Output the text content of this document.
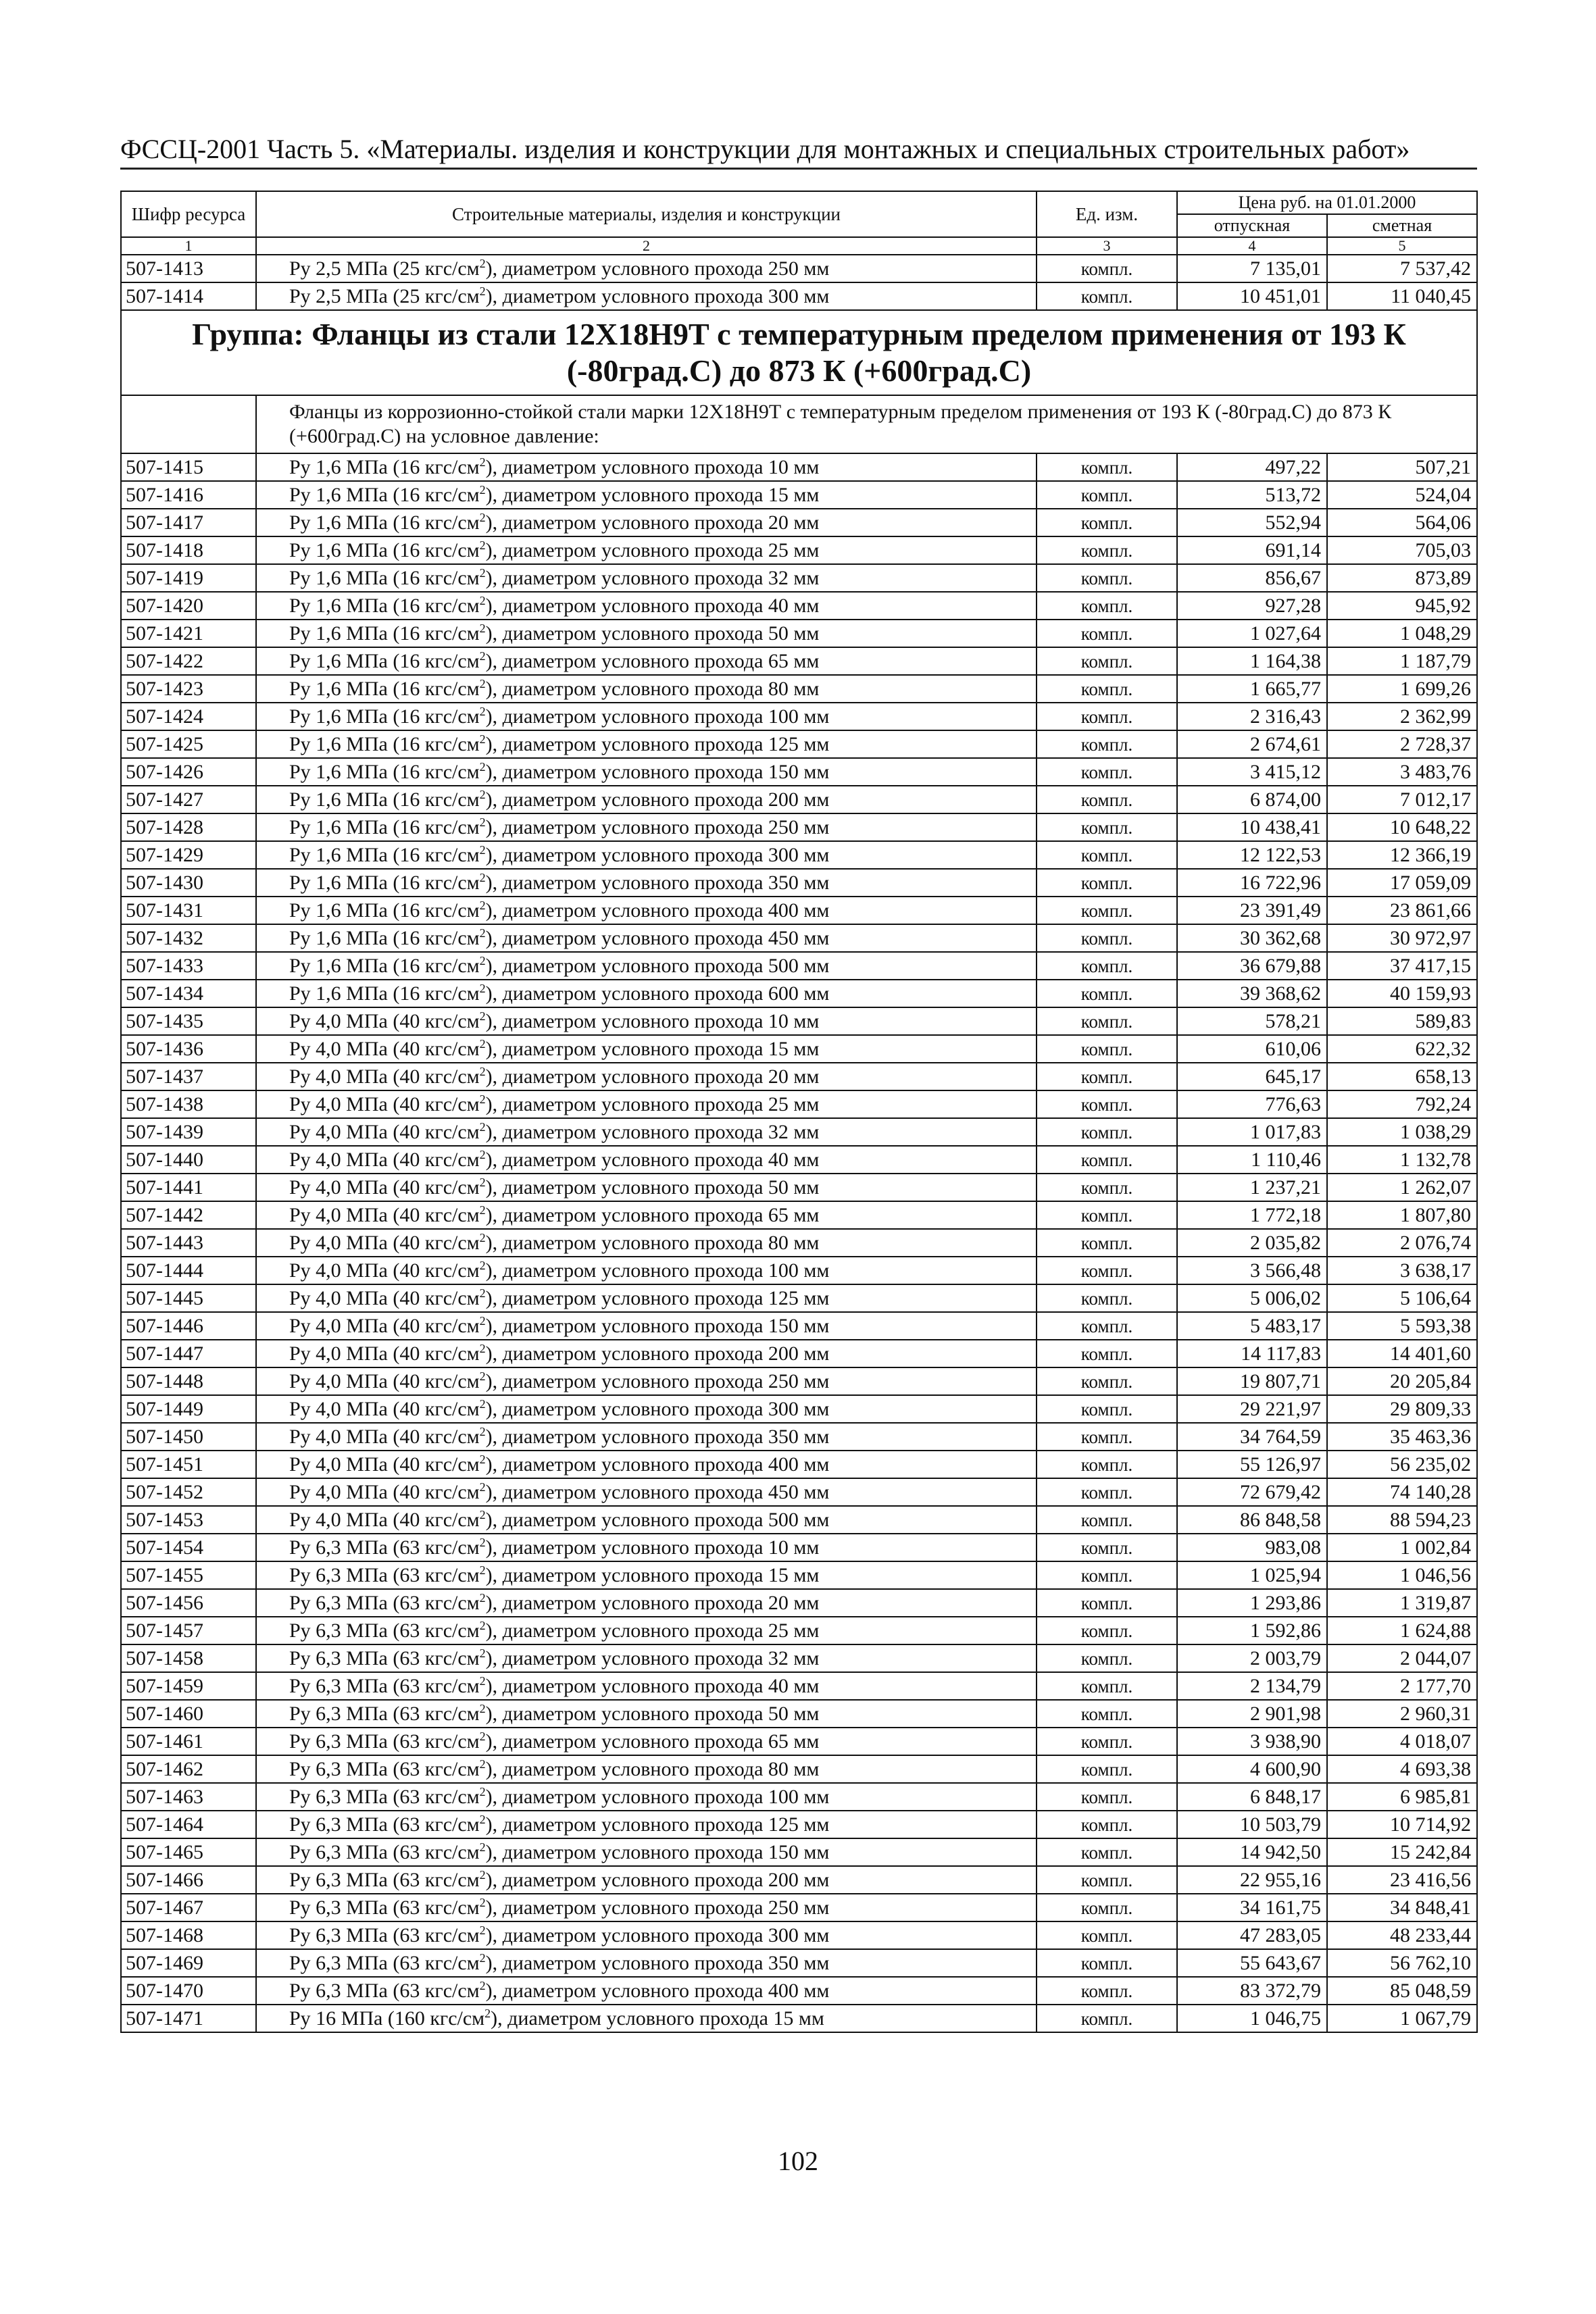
ФССЦ-2001 Часть 5. «Материалы. изделия и конструкции для монтажных и специальных строительных работ»
Шифр ресурса	Строительные материалы, изделия и конструкции	Ед. изм.	Цена руб. на 01.01.2000	
			отпускная	сметная
1	2	3	4	5
507-1413	Ру 2,5 МПа (25 кгс/$см^2$), диаметром условного прохода 250 мм	компл.	7 135,01	7 537,42
507-1414	Ру 2,5 МПа (25 кгс/$см^2$), диаметром условного прохода 300 мм	компл.	10 451,01	11 040,45
Группа: Фланцы из стали 12Х18Н9Т с температурным пределом применения от 193 К (-80град.С) до 873 К (+600град.С)				
	Фланцы из коррозионно-стойкой стали марки 12Х18Н9Т с температурным пределом применения от 193 К (-80град.С) до 873 К (+600град.С) на условное давление:			
507-1415	Ру 1,6 МПа (16 кгс/$см^2$), диаметром условного прохода 10 мм	компл.	497,22	507,21
507-1416	Ру 1,6 МПа (16 кгс/$см^2$), диаметром условного прохода 15 мм	компл.	513,72	524,04
507-1417	Ру 1,6 МПа (16 кгс/$см^2$), диаметром условного прохода 20 мм	компл.	552,94	564,06
507-1418	Ру 1,6 МПа (16 кгс/$см^2$), диаметром условного прохода 25 мм	компл.	691,14	705,03
507-1419	Ру 1,6 МПа (16 кгс/$см^2$), диаметром условного прохода 32 мм	компл.	856,67	873,89
507-1420	Ру 1,6 МПа (16 кгс/$см^2$), диаметром условного прохода 40 мм	компл.	927,28	945,92
507-1421	Ру 1,6 МПа (16 кгс/$см^2$), диаметром условного прохода 50 мм	компл.	1 027,64	1 048,29
507-1422	Ру 1,6 МПа (16 кгс/$см^2$), диаметром условного прохода 65 мм	компл.	1 164,38	1 187,79
507-1423	Ру 1,6 МПа (16 кгс/$см^2$), диаметром условного прохода 80 мм	компл.	1 665,77	1 699,26
507-1424	Ру 1,6 МПа (16 кгс/$см^2$), диаметром условного прохода 100 мм	компл.	2 316,43	2 362,99
507-1425	Ру 1,6 МПа (16 кгс/$см^2$), диаметром условного прохода 125 мм	компл.	2 674,61	2 728,37
507-1426	Ру 1,6 МПа (16 кгс/$см^2$), диаметром условного прохода 150 мм	компл.	3 415,12	3 483,76
507-1427	Ру 1,6 МПа (16 кгс/$см^2$), диаметром условного прохода 200 мм	компл.	6 874,00	7 012,17
507-1428	Ру 1,6 МПа (16 кгс/$см^2$), диаметром условного прохода 250 мм	компл.	10 438,41	10 648,22
507-1429	Ру 1,6 МПа (16 кгс/$см^2$), диаметром условного прохода 300 мм	компл.	12 122,53	12 366,19
507-1430	Ру 1,6 МПа (16 кгс/$см^2$), диаметром условного прохода 350 мм	компл.	16 722,96	17 059,09
507-1431	Ру 1,6 МПа (16 кгс/$см^2$), диаметром условного прохода 400 мм	компл.	23 391,49	23 861,66
507-1432	Ру 1,6 МПа (16 кгс/$см^2$), диаметром условного прохода 450 мм	компл.	30 362,68	30 972,97
507-1433	Ру 1,6 МПа (16 кгс/$см^2$), диаметром условного прохода 500 мм	компл.	36 679,88	37 417,15
507-1434	Ру 1,6 МПа (16 кгс/$см^2$), диаметром условного прохода 600 мм	компл.	39 368,62	40 159,93
507-1435	Ру 4,0 МПа (40 кгс/$см^2$), диаметром условного прохода 10 мм	компл.	578,21	589,83
507-1436	Ру 4,0 МПа (40 кгс/$см^2$), диаметром условного прохода 15 мм	компл.	610,06	622,32
507-1437	Ру 4,0 МПа (40 кгс/$см^2$), диаметром условного прохода 20 мм	компл.	645,17	658,13
507-1438	Ру 4,0 МПа (40 кгс/$см^2$), диаметром условного прохода 25 мм	компл.	776,63	792,24
507-1439	Ру 4,0 МПа (40 кгс/$см^2$), диаметром условного прохода 32 мм	компл.	1 017,83	1 038,29
507-1440	Ру 4,0 МПа (40 кгс/$см^2$), диаметром условного прохода 40 мм	компл.	1 110,46	1 132,78
507-1441	Ру 4,0 МПа (40 кгс/$см^2$), диаметром условного прохода 50 мм	компл.	1 237,21	1 262,07
507-1442	Ру 4,0 МПа (40 кгс/$см^2$), диаметром условного прохода 65 мм	компл.	1 772,18	1 807,80
507-1443	Ру 4,0 МПа (40 кгс/$см^2$), диаметром условного прохода 80 мм	компл.	2 035,82	2 076,74
507-1444	Ру 4,0 МПа (40 кгс/$см^2$), диаметром условного прохода 100 мм	компл.	3 566,48	3 638,17
507-1445	Ру 4,0 МПа (40 кгс/$см^2$), диаметром условного прохода 125 мм	компл.	5 006,02	5 106,64
507-1446	Ру 4,0 МПа (40 кгс/$см^2$), диаметром условного прохода 150 мм	компл.	5 483,17	5 593,38
507-1447	Ру 4,0 МПа (40 кгс/$см^2$), диаметром условного прохода 200 мм	компл.	14 117,83	14 401,60
507-1448	Ру 4,0 МПа (40 кгс/$см^2$), диаметром условного прохода 250 мм	компл.	19 807,71	20 205,84
507-1449	Ру 4,0 МПа (40 кгс/$см^2$), диаметром условного прохода 300 мм	компл.	29 221,97	29 809,33
507-1450	Ру 4,0 МПа (40 кгс/$см^2$), диаметром условного прохода 350 мм	компл.	34 764,59	35 463,36
507-1451	Ру 4,0 МПа (40 кгс/$см^2$), диаметром условного прохода 400 мм	компл.	55 126,97	56 235,02
507-1452	Ру 4,0 МПа (40 кгс/$см^2$), диаметром условного прохода 450 мм	компл.	72 679,42	74 140,28
507-1453	Ру 4,0 МПа (40 кгс/$см^2$), диаметром условного прохода 500 мм	компл.	86 848,58	88 594,23
507-1454	Ру 6,3 МПа (63 кгс/$см^2$), диаметром условного прохода 10 мм	компл.	983,08	1 002,84
507-1455	Ру 6,3 МПа (63 кгс/$см^2$), диаметром условного прохода 15 мм	компл.	1 025,94	1 046,56
507-1456	Ру 6,3 МПа (63 кгс/$см^2$), диаметром условного прохода 20 мм	компл.	1 293,86	1 319,87
507-1457	Ру 6,3 МПа (63 кгс/$см^2$), диаметром условного прохода 25 мм	компл.	1 592,86	1 624,88
507-1458	Ру 6,3 МПа (63 кгс/$см^2$), диаметром условного прохода 32 мм	компл.	2 003,79	2 044,07
507-1459	Ру 6,3 МПа (63 кгс/$см^2$), диаметром условного прохода 40 мм	компл.	2 134,79	2 177,70
507-1460	Ру 6,3 МПа (63 кгс/$см^2$), диаметром условного прохода 50 мм	компл.	2 901,98	2 960,31
507-1461	Ру 6,3 МПа (63 кгс/$см^2$), диаметром условного прохода 65 мм	компл.	3 938,90	4 018,07
507-1462	Ру 6,3 МПа (63 кгс/$см^2$), диаметром условного прохода 80 мм	компл.	4 600,90	4 693,38
507-1463	Ру 6,3 МПа (63 кгс/$см^2$), диаметром условного прохода 100 мм	компл.	6 848,17	6 985,81
507-1464	Ру 6,3 МПа (63 кгс/$см^2$), диаметром условного прохода 125 мм	компл.	10 503,79	10 714,92
507-1465	Ру 6,3 МПа (63 кгс/$см^2$), диаметром условного прохода 150 мм	компл.	14 942,50	15 242,84
507-1466	Ру 6,3 МПа (63 кгс/$см^2$), диаметром условного прохода 200 мм	компл.	22 955,16	23 416,56
507-1467	Ру 6,3 МПа (63 кгс/$см^2$), диаметром условного прохода 250 мм	компл.	34 161,75	34 848,41
507-1468	Ру 6,3 МПа (63 кгс/$см^2$), диаметром условного прохода 300 мм	компл.	47 283,05	48 233,44
507-1469	Ру 6,3 МПа (63 кгс/$см^2$), диаметром условного прохода 350 мм	компл.	55 643,67	56 762,10
507-1470	Ру 6,3 МПа (63 кгс/$см^2$), диаметром условного прохода 400 мм	компл.	83 372,79	85 048,59
507-1471	Ру 16 МПа (160 кгс/$см^2$), диаметром условного прохода 15 мм	компл.	1 046,75	1 067,79
102
